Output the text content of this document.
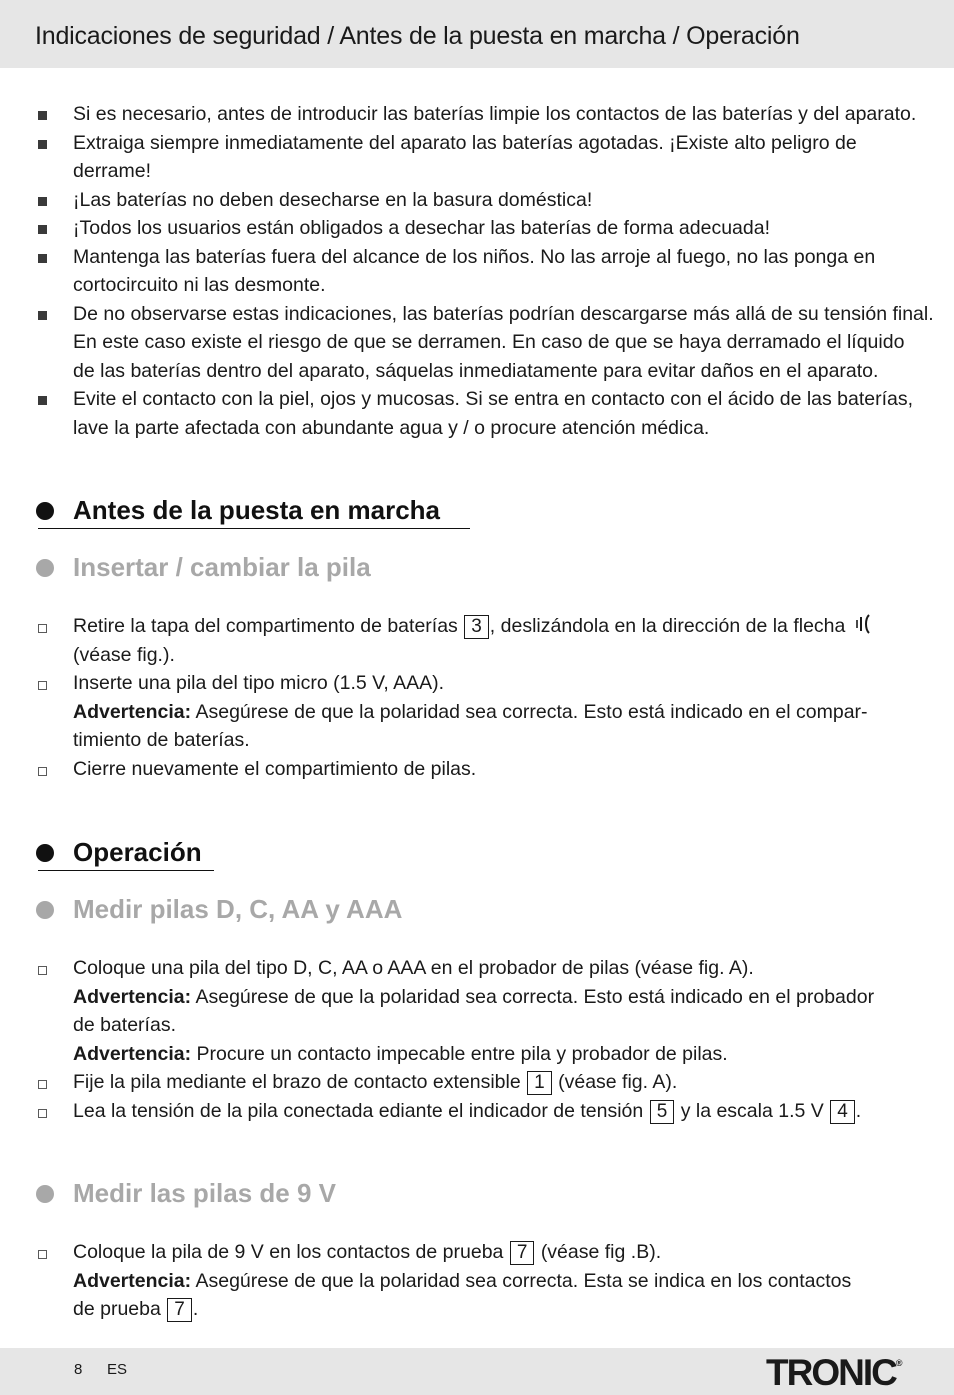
Indicaciones de seguridad / Antes de la puesta en marcha / Operación
Si es necesario, antes de introducir las baterías limpie los contactos de las baterías y del aparato.
Extraiga siempre inmediatamente del aparato las baterías agotadas. ¡Existe alto peligro de
derrame!
¡Las baterías no deben desecharse en la basura doméstica!
¡Todos los usuarios están obligados a desechar las baterías de forma adecuada!
Mantenga las baterías fuera del alcance de los niños. No las arroje al fuego, no las ponga en
cortocircuito ni las desmonte.
De no observarse estas indicaciones, las baterías podrían descargarse más allá de su tensión final.
En este caso existe el riesgo de que se derramen. En caso de que se haya derramado el líquido
de las baterías dentro del aparato, sáquelas inmediatamente para evitar daños en el aparato.
Evite el contacto con la piel, ojos y mucosas. Si se entra en contacto con el ácido de las baterías,
lave la parte afectada con abundante agua y / o procure atención médica.
Antes de la puesta en marcha
Insertar / cambiar la pila
Retire la tapa del compartimento de baterías 3 , deslizándola en la dirección de la flecha
(véase fig.).
Inserte una pila del tipo micro (1.5 V, AAA).
Advertencia: Asegúrese de que la polaridad sea correcta. Esto está indicado en el compar-
timiento de baterías.
Cierre nuevamente el compartimiento de pilas.
Operación
Medir pilas D, C, AA y AAA
Coloque una pila del tipo D, C, AA o AAA en el probador de pilas (véase fig. A).
Advertencia: Asegúrese de que la polaridad sea correcta. Esto está indicado en el probador
de baterías.
Advertencia: Procure un contacto impecable entre pila y probador de pilas.
Fije la pila mediante el brazo de contacto extensible 1 (véase fig. A).
Lea la tensión de la pila conectada ediante el indicador de tensión 5 y la escala 1.5 V 4 .
Medir las pilas de 9 V
Coloque la pila de 9 V en los contactos de prueba 7 (véase fig .B).
Advertencia: Asegúrese de que la polaridad sea correcta. Esta se indica en los contactos
de prueba 7 .
8 ES	TRONIC®
